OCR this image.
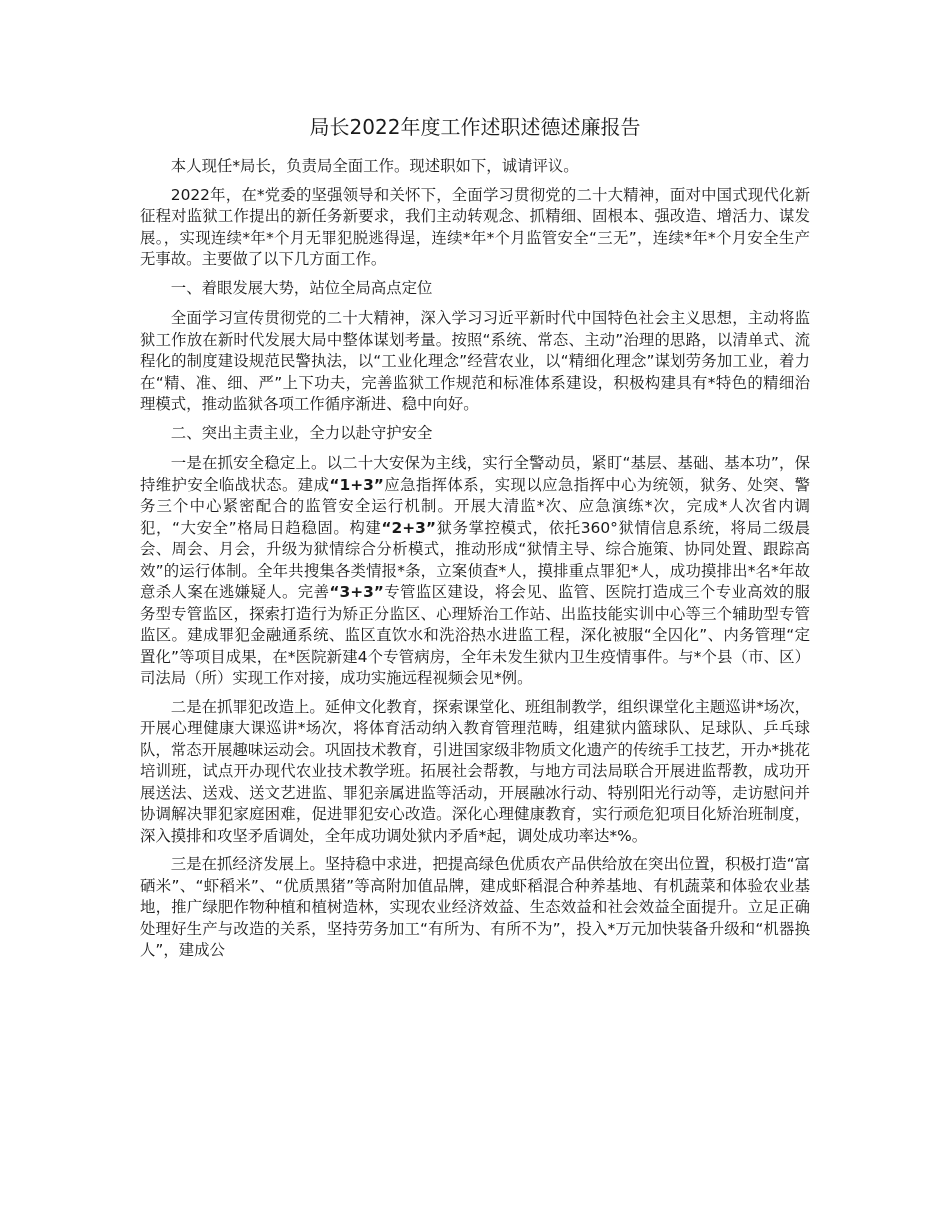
局长2022年度工作述职述德述廉报告

本人现任*局长，负责局全面工作。现述职如下，诚请评议。

2022年，在*党委的坚强领导和关怀下，全面学习贯彻党的二十大精神，面对中国式现代化新征程对监狱工作提出的新任务新要求，我们主动转观念、抓精细、固根本、强改造、增活力、谋发展。，实现连续*年*个月无罪犯脱逃得逞，连续*年*个月监管安全“三无”，连续*年*个月安全生产无事故。主要做了以下几方面工作。

一、着眼发展大势，站位全局高点定位

全面学习宣传贯彻党的二十大精神，深入学习习近平新时代中国特色社会主义思想，主动将监狱工作放在新时代发展大局中整体谋划考量。按照“系统、常态、主动”治理的思路，以清单式、流程化的制度建设规范民警执法，以“工业化理念”经营农业，以“精细化理念”谋划劳务加工业，着力在“精、准、细、严”上下功夫，完善监狱工作规范和标准体系建设，积极构建具有*特色的精细治理模式，推动监狱各项工作循序渐进、稳中向好。

二、突出主责主业，全力以赴守护安全

一是在抓安全稳定上。以二十大安保为主线，实行全警动员，紧盯“基层、基础、基本功”，保持维护安全临战状态。建成“1+3”应急指挥体系，实现以应急指挥中心为统领，狱务、处突、警务三个中心紧密配合的监管安全运行机制。开展大清监*次、应急演练*次，完成*人次省内调犯，“大安全”格局日趋稳固。构建“2+3”狱务掌控模式，依托360°狱情信息系统，将局二级晨会、周会、月会，升级为狱情综合分析模式，推动形成“狱情主导、综合施策、协同处置、跟踪高效”的运行体制。全年共搜集各类情报*条，立案侦查*人，摸排重点罪犯*人，成功摸排出*名*年故意杀人案在逃嫌疑人。完善“3+3”专管监区建设，将会见、监管、医院打造成三个专业高效的服务型专管监区，探索打造行为矫正分监区、心理矫治工作站、出监技能实训中心等三个辅助型专管监区。建成罪犯金融通系统、监区直饮水和洗浴热水进监工程，深化被服“全囚化”、内务管理“定置化”等项目成果，在*医院新建4个专管病房，全年未发生狱内卫生疫情事件。与*个县（市、区）司法局（所）实现工作对接，成功实施远程视频会见*例。

二是在抓罪犯改造上。延伸文化教育，探索课堂化、班组制教学，组织课堂化主题巡讲*场次，开展心理健康大课巡讲*场次，将体育活动纳入教育管理范畴，组建狱内篮球队、足球队、乒乓球队，常态开展趣味运动会。巩固技术教育，引进国家级非物质文化遗产的传统手工技艺，开办*挑花培训班，试点开办现代农业技术教学班。拓展社会帮教，与地方司法局联合开展进监帮教，成功开展送法、送戏、送文艺进监、罪犯亲属进监等活动，开展融冰行动、特别阳光行动等，走访慰问并协调解决罪犯家庭困难，促进罪犯安心改造。深化心理健康教育，实行顽危犯项目化矫治班制度，深入摸排和攻坚矛盾调处，全年成功调处狱内矛盾*起，调处成功率达*%。

三是在抓经济发展上。坚持稳中求进，把提高绿色优质农产品供给放在突出位置，积极打造“富硒米”、“虾稻米”、“优质黑猪”等高附加值品牌，建成虾稻混合种养基地、有机蔬菜和体验农业基地，推广绿肥作物种植和植树造林，实现农业经济效益、生态效益和社会效益全面提升。立足正确处理好生产与改造的关系，坚持劳务加工“有所为、有所不为”，投入*万元加快装备升级和“机器换人”，建成公
